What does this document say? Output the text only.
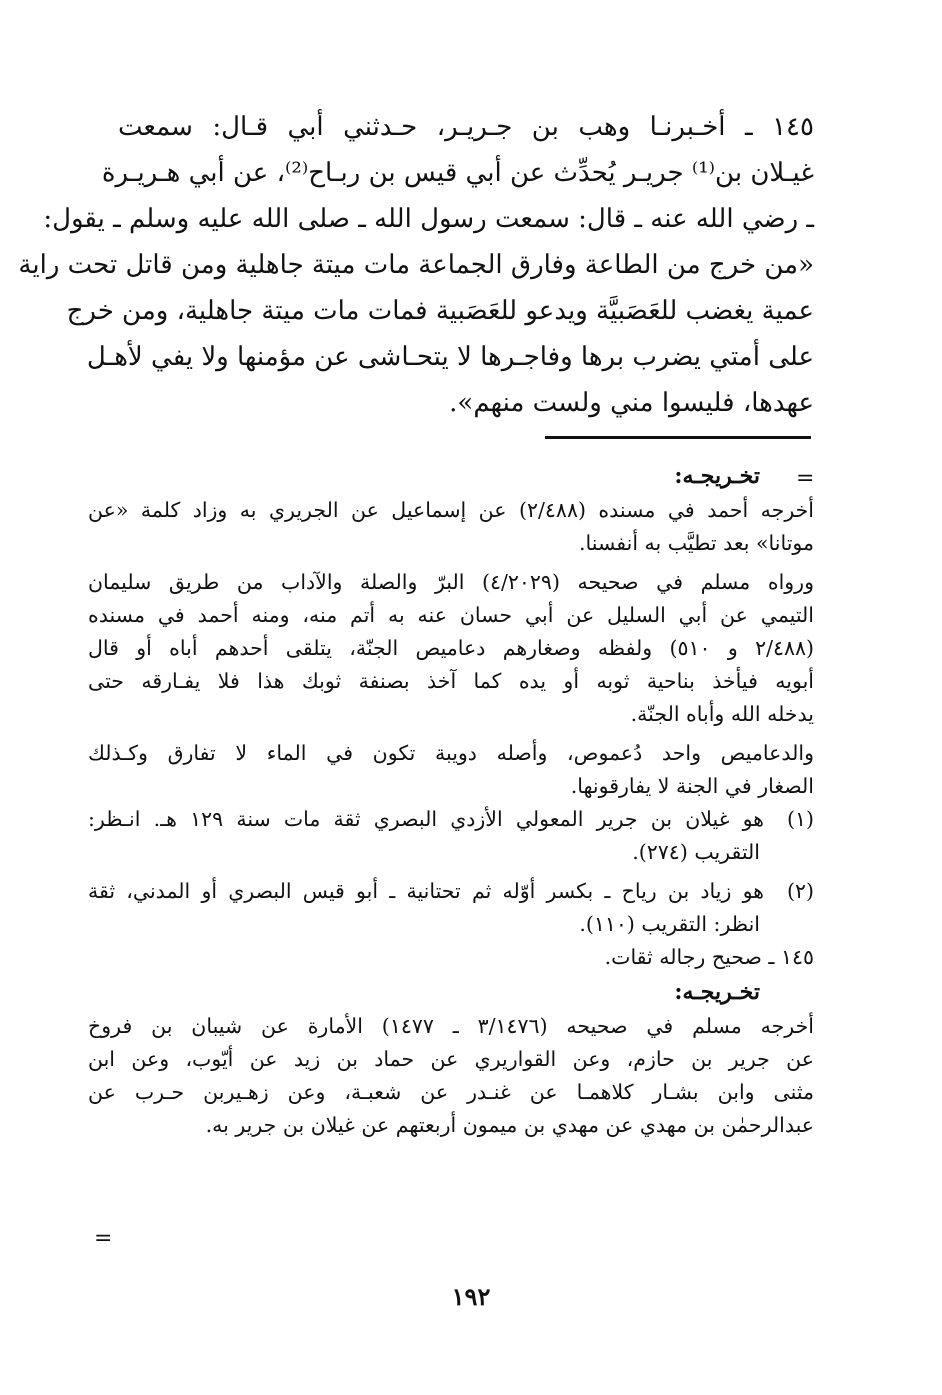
١٤٥ ـ أخـبرنـا وهب بن جـريـر، حـدثني أبي قـال: سمعت
غيـلان بن⁽¹⁾ جريـر يُحدِّث عن أبي قيس بن ربـاح⁽²⁾، عن أبي هـريـرة
ـ رضي الله عنه ـ قال: سمعت رسول الله ـ صلى الله عليه وسلم ـ يقول:
«من خرج من الطاعة وفارق الجماعة مات ميتة جاهلية ومن قاتل تحت راية
عمية يغضب للعَصَبيَّة ويدعو للعَصَبية فمات مات ميتة جاهلية، ومن خرج
على أمتي يضرب برها وفاجـرها لا يتحـاشى عن مؤمنها ولا يفي لأهـل
عهدها، فليسوا مني ولست منهم».
=
تخـريجـه:
أخرجه أحمد في مسنده (٢/٤٨٨) عن إسماعيل عن الجريري به وزاد كلمة «عن
موتانا» بعد تطيَّب به أنفسنا.
ورواه مسلم في صحيحه (٤/٢٠٢٩) البرّ والصلة والآداب من طريق سليمان
التيمي عن أبي السليل عن أبي حسان عنه به أتم منه، ومنه أحمد في مسنده
(٢/٤٨٨ و ٥١٠) ولفظه وصغارهم دعاميص الجنّة، يتلقى أحدهم أباه أو قال
أبويه فيأخذ بناحية ثوبه أو يده كما آخذ بصنفة ثوبك هذا فلا يفـارقه حتى
يدخله الله وأباه الجنّة.
والدعاميص واحد دُعموص، وأصله دويبة تكون في الماء لا تفارق وكـذلك
الصغار في الجنة لا يفارقونها.
(١)هو غيلان بن جرير المعولي الأزدي البصري ثقة مات سنة ١٢٩ هـ. انـظر:
التقريب (٢٧٤).
(٢)هو زياد بن رياح ـ بكسر أوّله ثم تحتانية ـ أبو قيس البصري أو المدني، ثقة
انظر: التقريب (١١٠).
١٤٥ ـ صحيح رجاله ثقات.
تخـريجـه:
أخرجه مسلم في صحيحه (٣/١٤٧٦ ـ ١٤٧٧) الأمارة عن شيبان بن فروخ
عن جرير بن حازم، وعن القواريري عن حماد بن زيد عن أيّوب، وعن ابن
مثنى وابن بشـار كلاهمـا عن غنـدر عن شعبـة، وعن زهـيربن حـرب عن
عبدالرحمٰن بن مهدي عن مهدي بن ميمون أربعتهم عن غيلان بن جرير به.
=
١٩٢
